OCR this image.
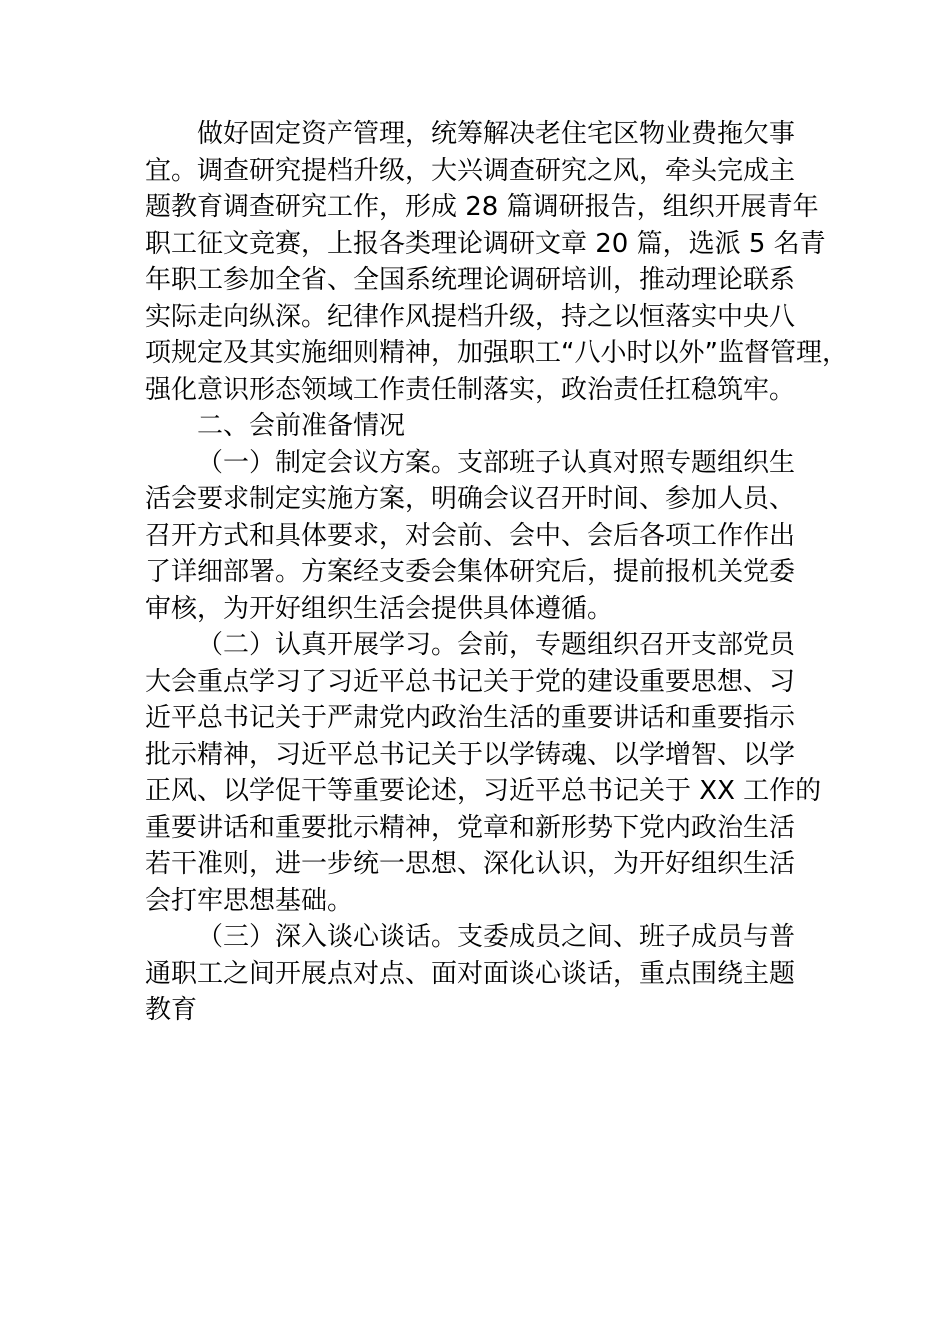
做好固定资产管理，统筹解决老住宅区物业费拖欠事
宜。调查研究提档升级，大兴调查研究之风，牵头完成主
题教育调查研究工作，形成 28 篇调研报告，组织开展青年
职工征文竞赛，上报各类理论调研文章 20 篇，选派 5 名青
年职工参加全省、全国系统理论调研培训，推动理论联系
实际走向纵深。纪律作风提档升级，持之以恒落实中央八
项规定及其实施细则精神，加强职工“八小时以外”监督管理，
强化意识形态领域工作责任制落实，政治责任扛稳筑牢。
二、会前准备情况
（一）制定会议方案。支部班子认真对照专题组织生
活会要求制定实施方案，明确会议召开时间、参加人员、
召开方式和具体要求，对会前、会中、会后各项工作作出
了详细部署。方案经支委会集体研究后，提前报机关党委
审核，为开好组织生活会提供具体遵循。
（二）认真开展学习。会前，专题组织召开支部党员
大会重点学习了习近平总书记关于党的建设重要思想、习
近平总书记关于严肃党内政治生活的重要讲话和重要指示
批示精神，习近平总书记关于以学铸魂、以学增智、以学
正风、以学促干等重要论述，习近平总书记关于 XX 工作的
重要讲话和重要批示精神，党章和新形势下党内政治生活
若干准则，进一步统一思想、深化认识，为开好组织生活
会打牢思想基础。
（三）深入谈心谈话。支委成员之间、班子成员与普
通职工之间开展点对点、面对面谈心谈话，重点围绕主题
教育
